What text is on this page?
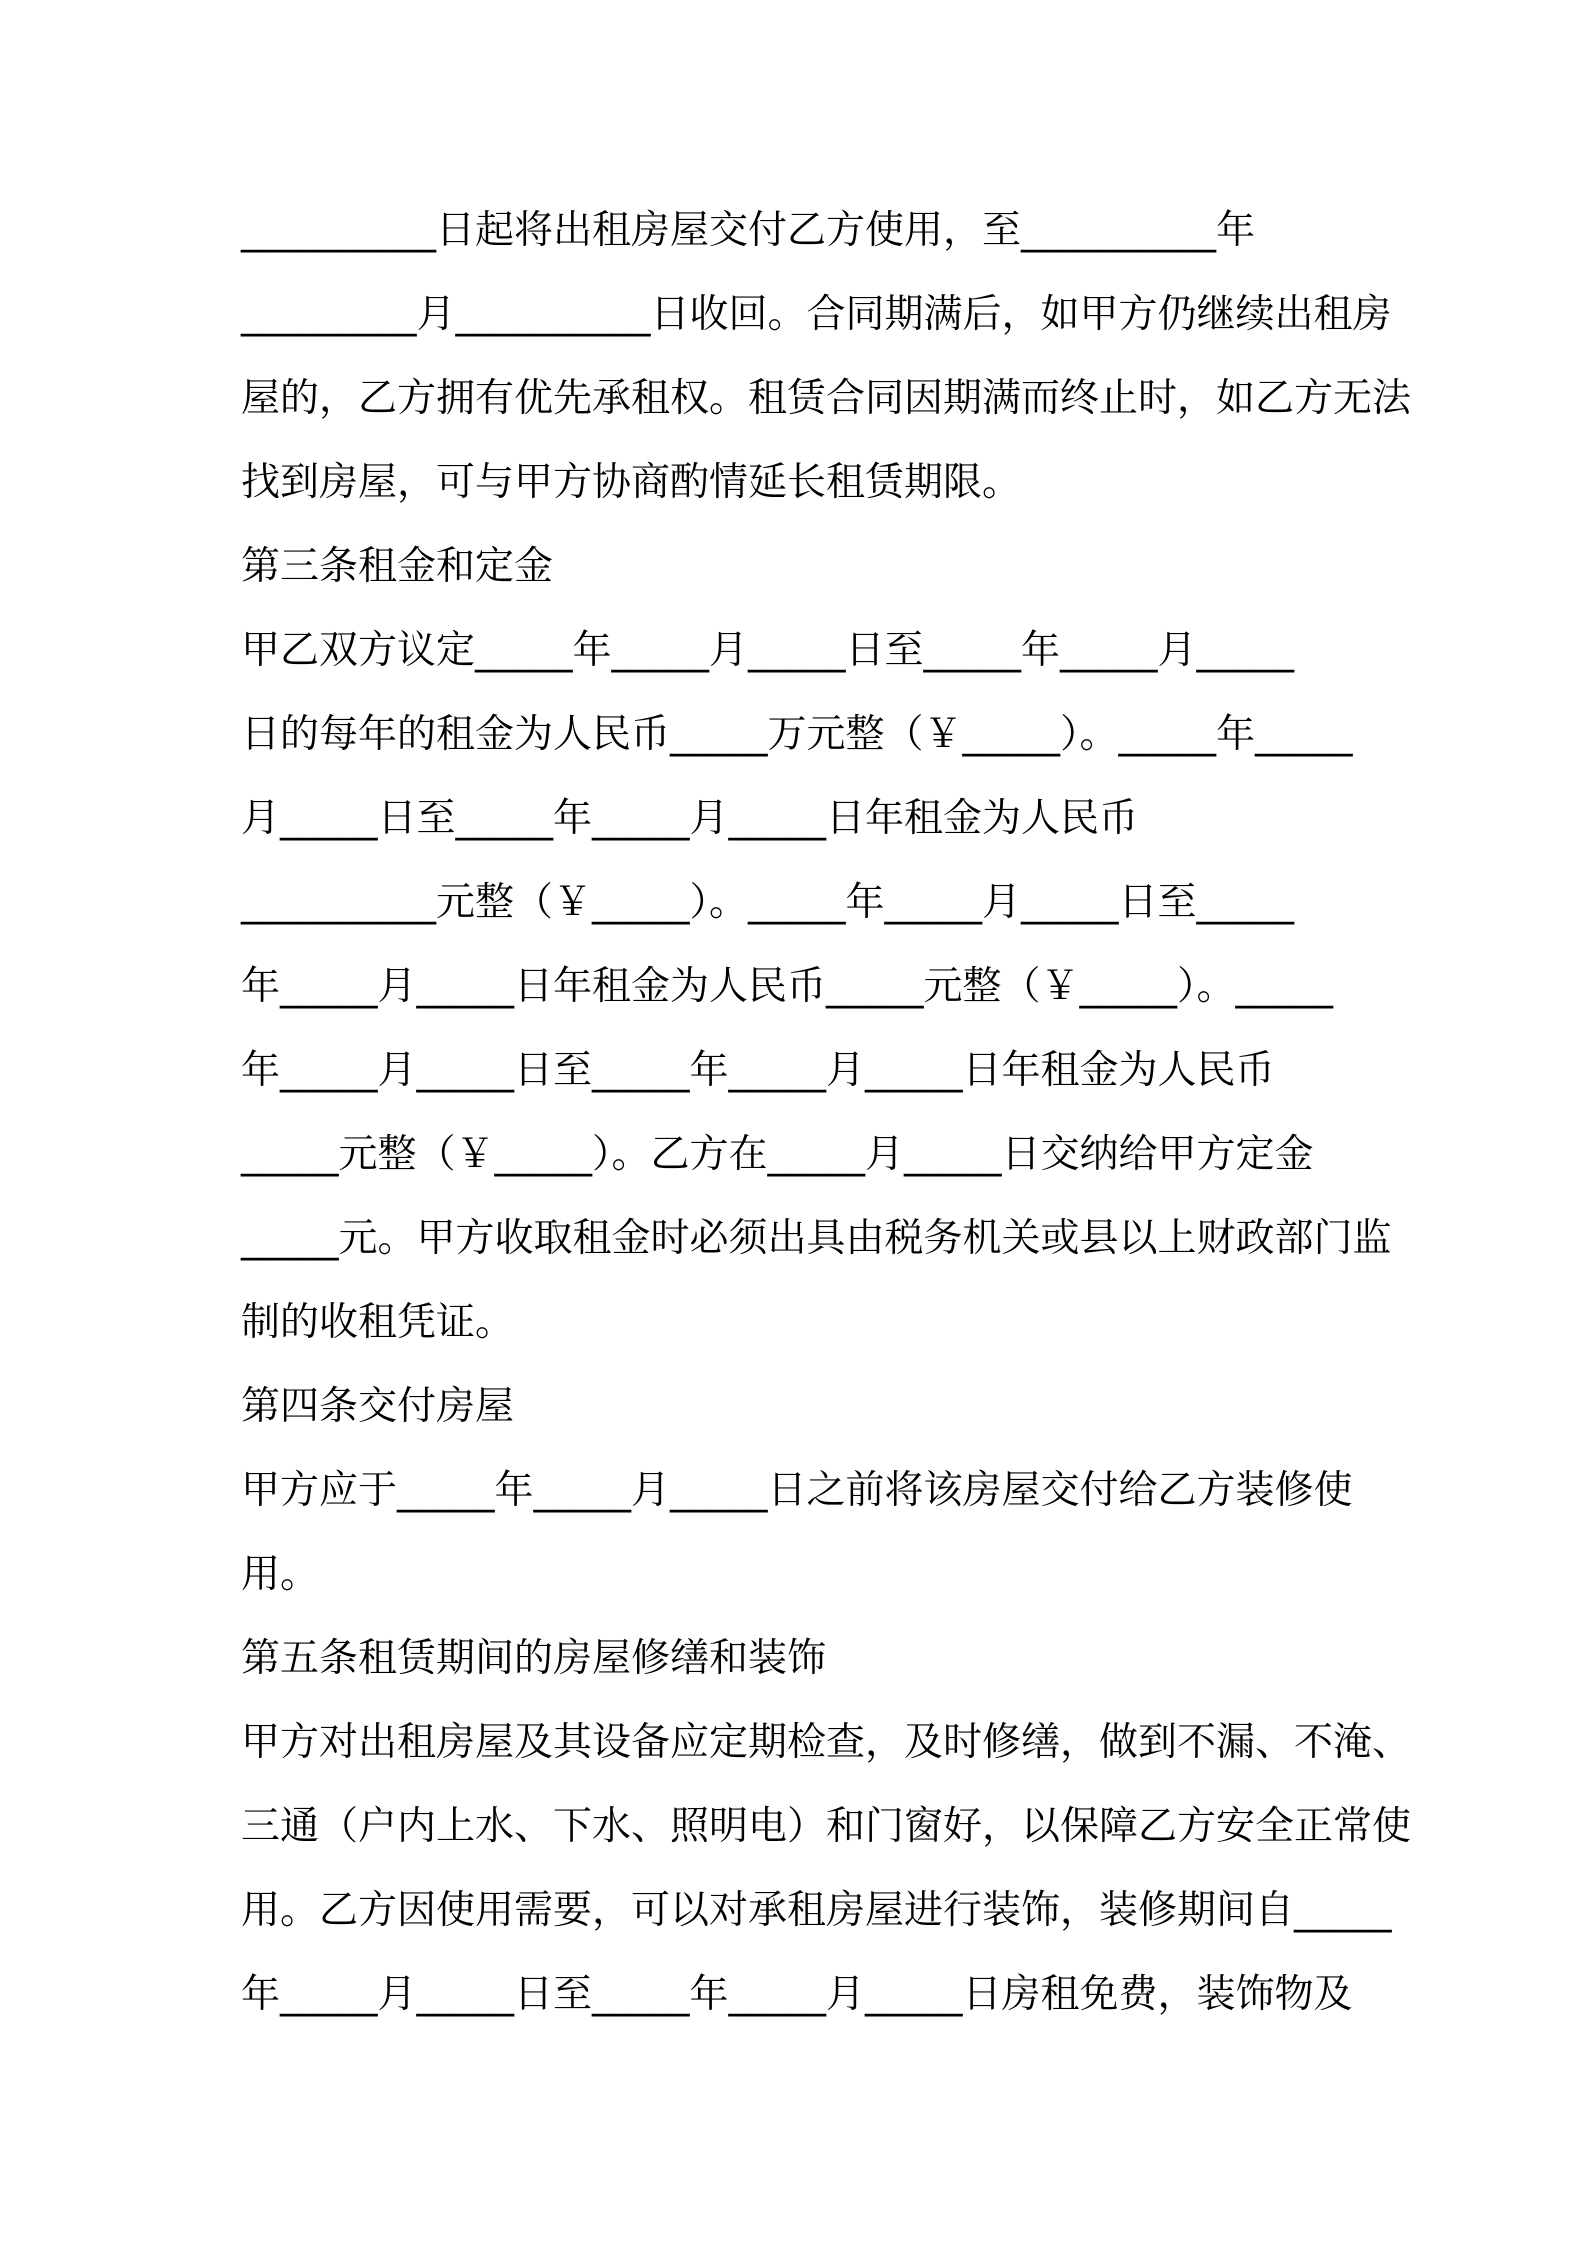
__________日起将出租房屋交付乙方使用，至__________年
_________月__________日收回。合同期满后，如甲方仍继续出租房
屋的，乙方拥有优先承租权。租赁合同因期满而终止时，如乙方无法
找到房屋，可与甲方协商酌情延长租赁期限。
第三条租金和定金
甲乙双方议定_____年_____月_____日至_____年_____月_____
日的每年的租金为人民币_____万元整（￥_____）。_____年_____
月_____日至_____年_____月_____日年租金为人民币
__________元整（￥_____）。_____年_____月_____日至_____
年_____月_____日年租金为人民币_____元整（￥_____）。_____
年_____月_____日至_____年_____月_____日年租金为人民币
_____元整（￥_____）。乙方在_____月_____日交纳给甲方定金
_____元。甲方收取租金时必须出具由税务机关或县以上财政部门监
制的收租凭证。
第四条交付房屋
甲方应于_____年_____月_____日之前将该房屋交付给乙方装修使
用。
第五条租赁期间的房屋修缮和装饰
甲方对出租房屋及其设备应定期检查，及时修缮，做到不漏、不淹、
三通（户内上水、下水、照明电）和门窗好，以保障乙方安全正常使
用。乙方因使用需要，可以对承租房屋进行装饰，装修期间自_____
年_____月_____日至_____年_____月_____日房租免费，装饰物及
